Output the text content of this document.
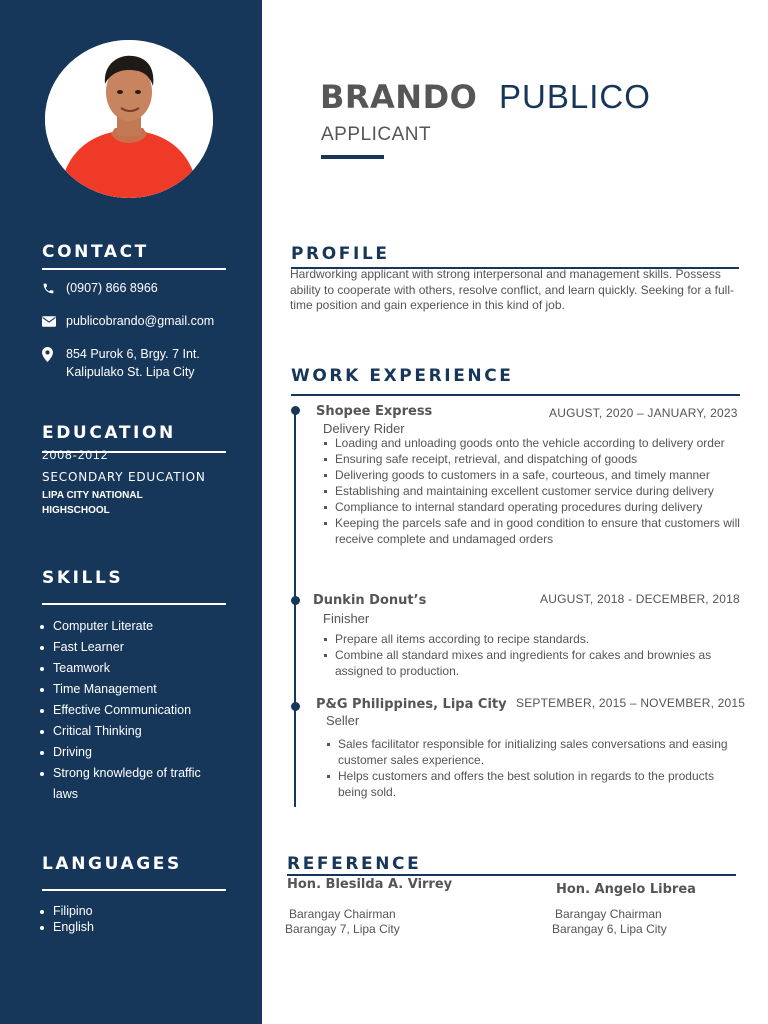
CONTACT
(0907) 866 8966
publicobrando@gmail.com
854 Purok 6, Brgy. 7 Int.
Kalipulako St. Lipa City
EDUCATION
2008-2012
SECONDARY EDUCATION
LIPA CITY NATIONAL
HIGHSCHOOL
SKILLS
Computer Literate
Fast Learner
Teamwork
Time Management
Effective Communication
Critical Thinking
Driving
Strong knowledge of traffic laws
LANGUAGES
Filipino
English
BRANDO PUBLICO
APPLICANT
PROFILE
Hardworking applicant with strong interpersonal and management skills. Possess ability to cooperate with others, resolve conflict, and learn quickly. Seeking for a full-time position and gain experience in this kind of job.
WORK EXPERIENCE
Shopee Express	AUGUST, 2020 – JANUARY, 2023
Delivery Rider
Loading and unloading goods onto the vehicle according to delivery order
Ensuring safe receipt, retrieval, and dispatching of goods
Delivering goods to customers in a safe, courteous, and timely manner
Establishing and maintaining excellent customer service during delivery
Compliance to internal standard operating procedures during delivery
Keeping the parcels safe and in good condition to ensure that customers will receive complete and undamaged orders
Dunkin Donut’s	AUGUST, 2018 - DECEMBER, 2018
Finisher
Prepare all items according to recipe standards.
Combine all standard mixes and ingredients for cakes and brownies as assigned to production.
P&G Philippines, Lipa City SEPTEMBER, 2015 – NOVEMBER, 2015
Seller
Sales facilitator responsible for initializing sales conversations and easing customer sales experience.
Helps customers and offers the best solution in regards to the products being sold.
REFERENCE
Hon. Blesilda A. Virrey
Barangay Chairman
Barangay 7, Lipa City
Hon. Angelo Librea
Barangay Chairman
Barangay 6, Lipa City
